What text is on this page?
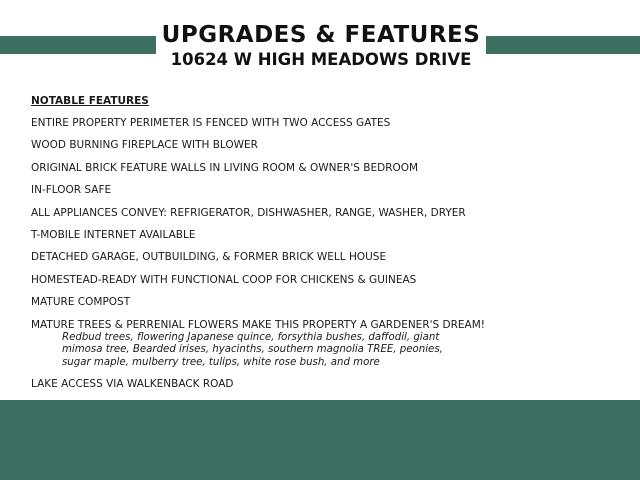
UPGRADES & FEATURES
10624 W HIGH MEADOWS DRIVE
NOTABLE FEATURES
ENTIRE PROPERTY PERIMETER IS FENCED WITH TWO ACCESS GATES
WOOD BURNING FIREPLACE WITH BLOWER
ORIGINAL BRICK FEATURE WALLS IN LIVING ROOM & OWNER'S BEDROOM
IN-FLOOR SAFE
ALL APPLIANCES CONVEY: REFRIGERATOR, DISHWASHER, RANGE, WASHER, DRYER
T-MOBILE INTERNET AVAILABLE
DETACHED GARAGE, OUTBUILDING, & FORMER BRICK WELL HOUSE
HOMESTEAD-READY WITH FUNCTIONAL COOP FOR CHICKENS & GUINEAS
MATURE COMPOST
MATURE TREES & PERRENIAL FLOWERS MAKE THIS PROPERTY A GARDENER'S DREAM!
Redbud trees, flowering Japanese quince, forsythia bushes, daffodil, giant mimosa tree, Bearded irises, hyacinths, southern magnolia TREE, peonies, sugar maple, mulberry tree, tulips, white rose bush, and more
LAKE ACCESS VIA WALKENBACK ROAD
